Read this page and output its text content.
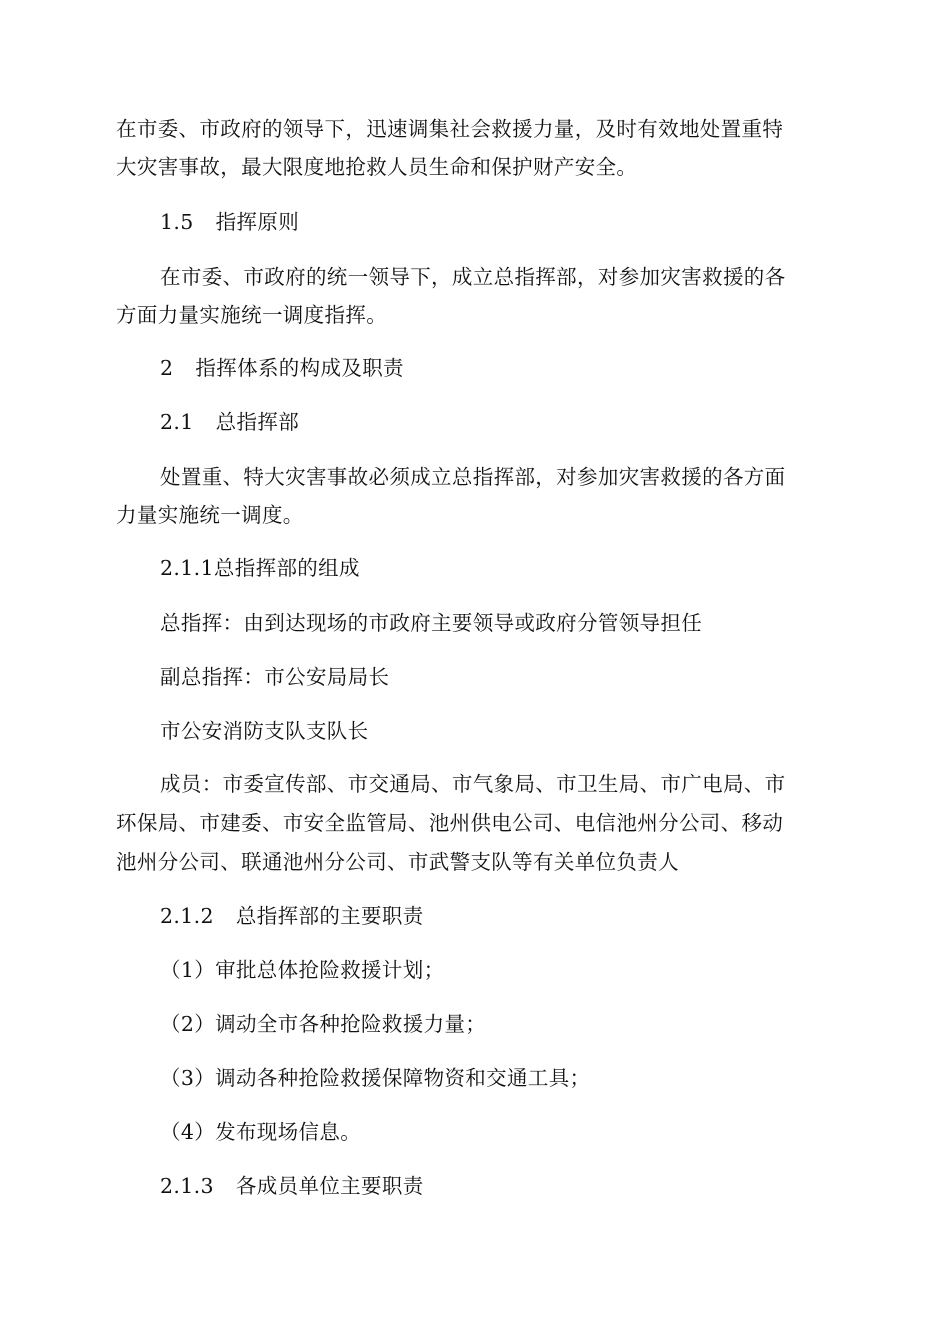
在市委、市政府的领导下，迅速调集社会救援力量，及时有效地处置重特

大灾害事故，最大限度地抢救人员生命和保护财产安全。

1.5 指挥原则

在市委、市政府的统一领导下，成立总指挥部，对参加灾害救援的各

方面力量实施统一调度指挥。

2 指挥体系的构成及职责

2.1 总指挥部

处置重、特大灾害事故必须成立总指挥部，对参加灾害救援的各方面

力量实施统一调度。

2.1.1总指挥部的组成

总指挥：由到达现场的市政府主要领导或政府分管领导担任

副总指挥：市公安局局长

市公安消防支队支队长

成员：市委宣传部、市交通局、市气象局、市卫生局、市广电局、市

环保局、市建委、市安全监管局、池州供电公司、电信池州分公司、移动

池州分公司、联通池州分公司、市武警支队等有关单位负责人

2.1.2 总指挥部的主要职责

（1）审批总体抢险救援计划；

（2）调动全市各种抢险救援力量；

（3）调动各种抢险救援保障物资和交通工具；

（4）发布现场信息。

2.1.3 各成员单位主要职责
